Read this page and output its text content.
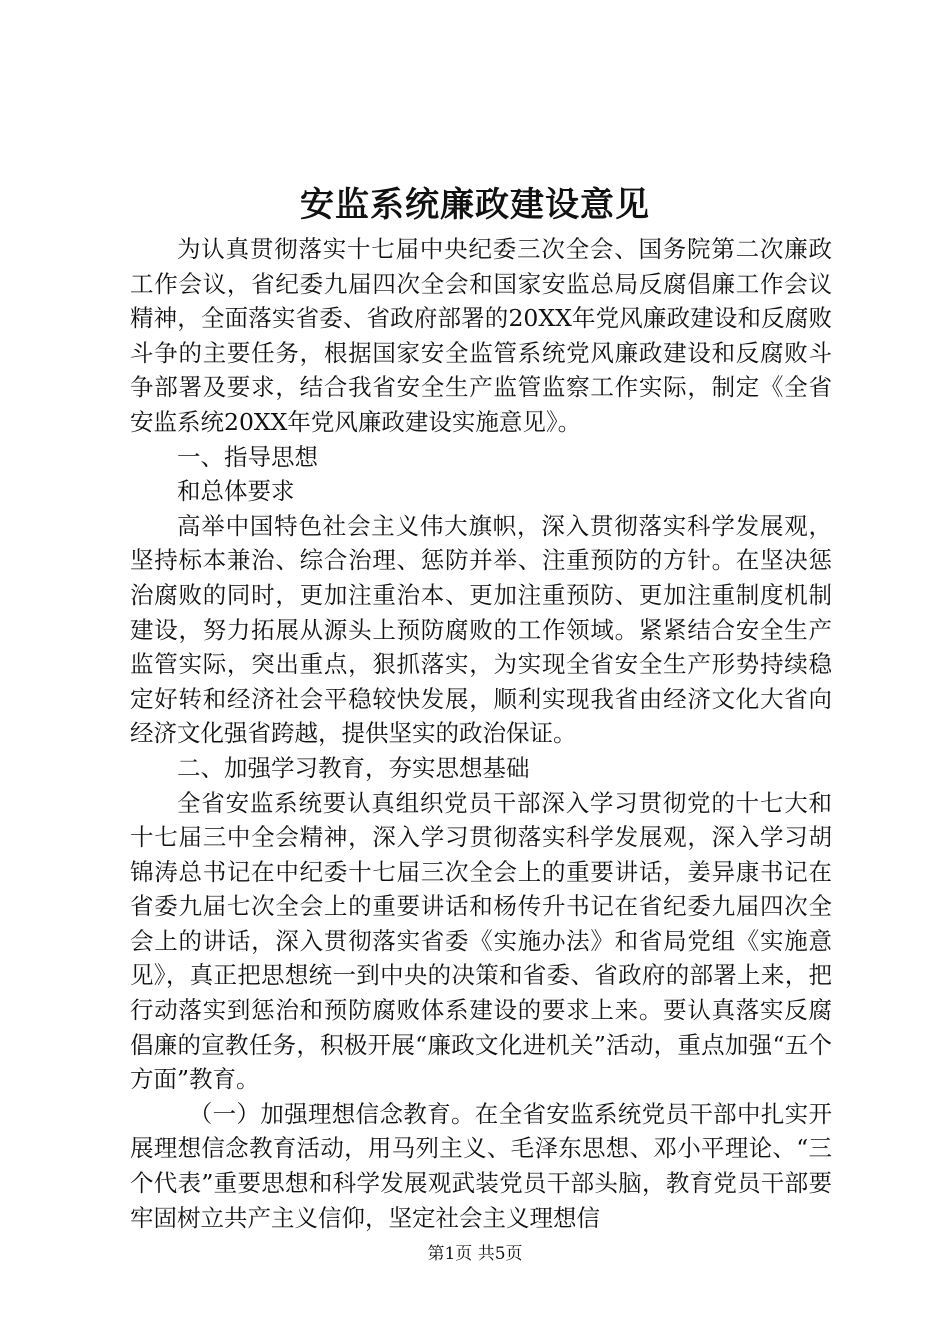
安监系统廉政建设意见

为认真贯彻落实十七届中央纪委三次全会、国务院第二次廉政工作会议，省纪委九届四次全会和国家安监总局反腐倡廉工作会议精神，全面落实省委、省政府部署的20XX年党风廉政建设和反腐败斗争的主要任务，根据国家安全监管系统党风廉政建设和反腐败斗争部署及要求，结合我省安全生产监管监察工作实际，制定《全省安监系统20XX年党风廉政建设实施意见》。

一、指导思想

和总体要求

高举中国特色社会主义伟大旗帜，深入贯彻落实科学发展观，坚持标本兼治、综合治理、惩防并举、注重预防的方针。在坚决惩治腐败的同时，更加注重治本、更加注重预防、更加注重制度机制建设，努力拓展从源头上预防腐败的工作领域。紧紧结合安全生产监管实际，突出重点，狠抓落实，为实现全省安全生产形势持续稳定好转和经济社会平稳较快发展，顺利实现我省由经济文化大省向经济文化强省跨越，提供坚实的政治保证。

二、加强学习教育，夯实思想基础

全省安监系统要认真组织党员干部深入学习贯彻党的十七大和十七届三中全会精神，深入学习贯彻落实科学发展观，深入学习胡锦涛总书记在中纪委十七届三次全会上的重要讲话，姜异康书记在省委九届七次全会上的重要讲话和杨传升书记在省纪委九届四次全会上的讲话，深入贯彻落实省委《实施办法》和省局党组《实施意见》，真正把思想统一到中央的决策和省委、省政府的部署上来，把行动落实到惩治和预防腐败体系建设的要求上来。要认真落实反腐倡廉的宣教任务，积极开展“廉政文化进机关”活动，重点加强“五个方面”教育。

（一）加强理想信念教育。在全省安监系统党员干部中扎实开展理想信念教育活动，用马列主义、毛泽东思想、邓小平理论、“三个代表”重要思想和科学发展观武装党员干部头脑，教育党员干部要牢固树立共产主义信仰，坚定社会主义理想信

第1页 共5页
